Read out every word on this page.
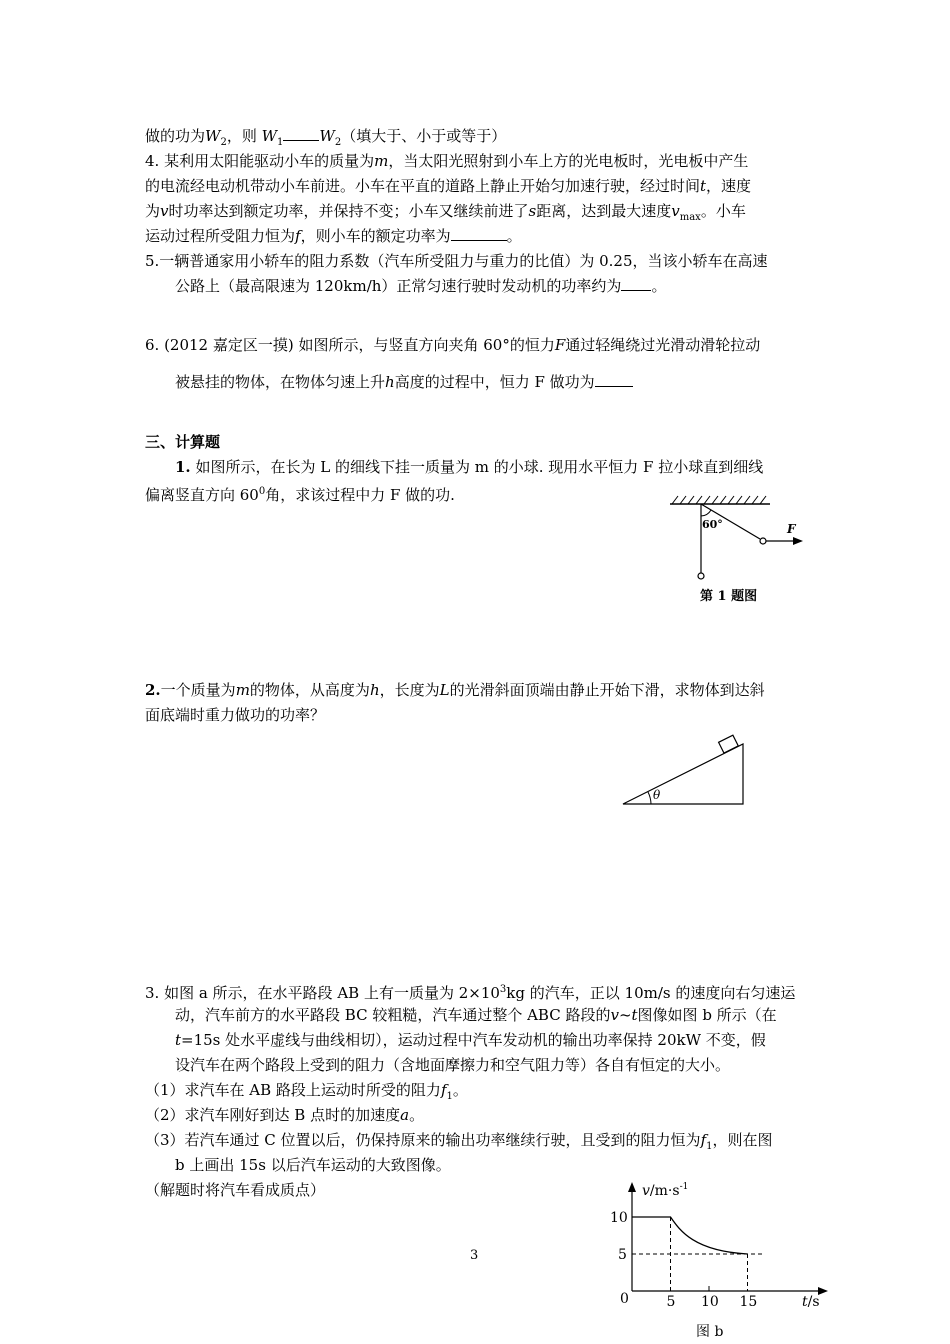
做的功为$W_2$，则 $W_1$ $W_2$（填大于、小于或等于）
4. 某利用太阳能驱动小车的质量为m，当太阳光照射到小车上方的光电板时，光电板中产生
的电流经电动机带动小车前进。小车在平直的道路上静止开始匀加速行驶，经过时间t，速度
为v时功率达到额定功率，并保持不变；小车又继续前进了s距离，达到最大速度$v_{max}$。小车
运动过程所受阻力恒为f，则小车的额定功率为	。
5.一辆普通家用小轿车的阻力系数（汽车所受阻力与重力的比值）为 0.25，当该小轿车在高速
公路上（最高限速为 120km/h）正常匀速行驶时发动机的功率约为 。
6. (2012 嘉定区一摸) 如图所示，与竖直方向夹角 60°的恒力F通过轻绳绕过光滑动滑轮拉动
被悬挂的物体，在物体匀速上升h高度的过程中，恒力 F 做功为
三、计算题
1. 如图所示，在长为 L 的细线下挂一质量为 m 的小球. 现用水平恒力 F 拉小球直到细线
偏离竖直方向 $60^0$角，求该过程中力 F 做的功.
60°	F
第 1 题图
2.一个质量为m的物体，从高度为h，长度为L的光滑斜面顶端由静止开始下滑，求物体到达斜
面底端时重力做功的功率？
θ
3. 如图 a 所示，在水平路段 AB 上有一质量为 $2\times 10^3kg$ 的汽车，正以 10m/s 的速度向右匀速运
动，汽车前方的水平路段 BC 较粗糙，汽车通过整个 ABC 路段的v~t图像如图 b 所示（在
t=15s 处水平虚线与曲线相切），运动过程中汽车发动机的输出功率保持 20kW 不变，假
设汽车在两个路段上受到的阻力（含地面摩擦力和空气阻力等）各自有恒定的大小。
（1）求汽车在 AB 路段上运动时所受的阻力$f_1$。
（2）求汽车刚好到达 B 点时的加速度a。
（3）若汽车通过 C 位置以后，仍保持原来的输出功率继续行驶，且受到的阻力恒为$f_1$，则在图
b 上画出 15s 以后汽车运动的大致图像。
（解题时将汽车看成质点）
3
$v/m\cdot s^{-1}$
t/s
0	5 10 15
5
10
图 b
